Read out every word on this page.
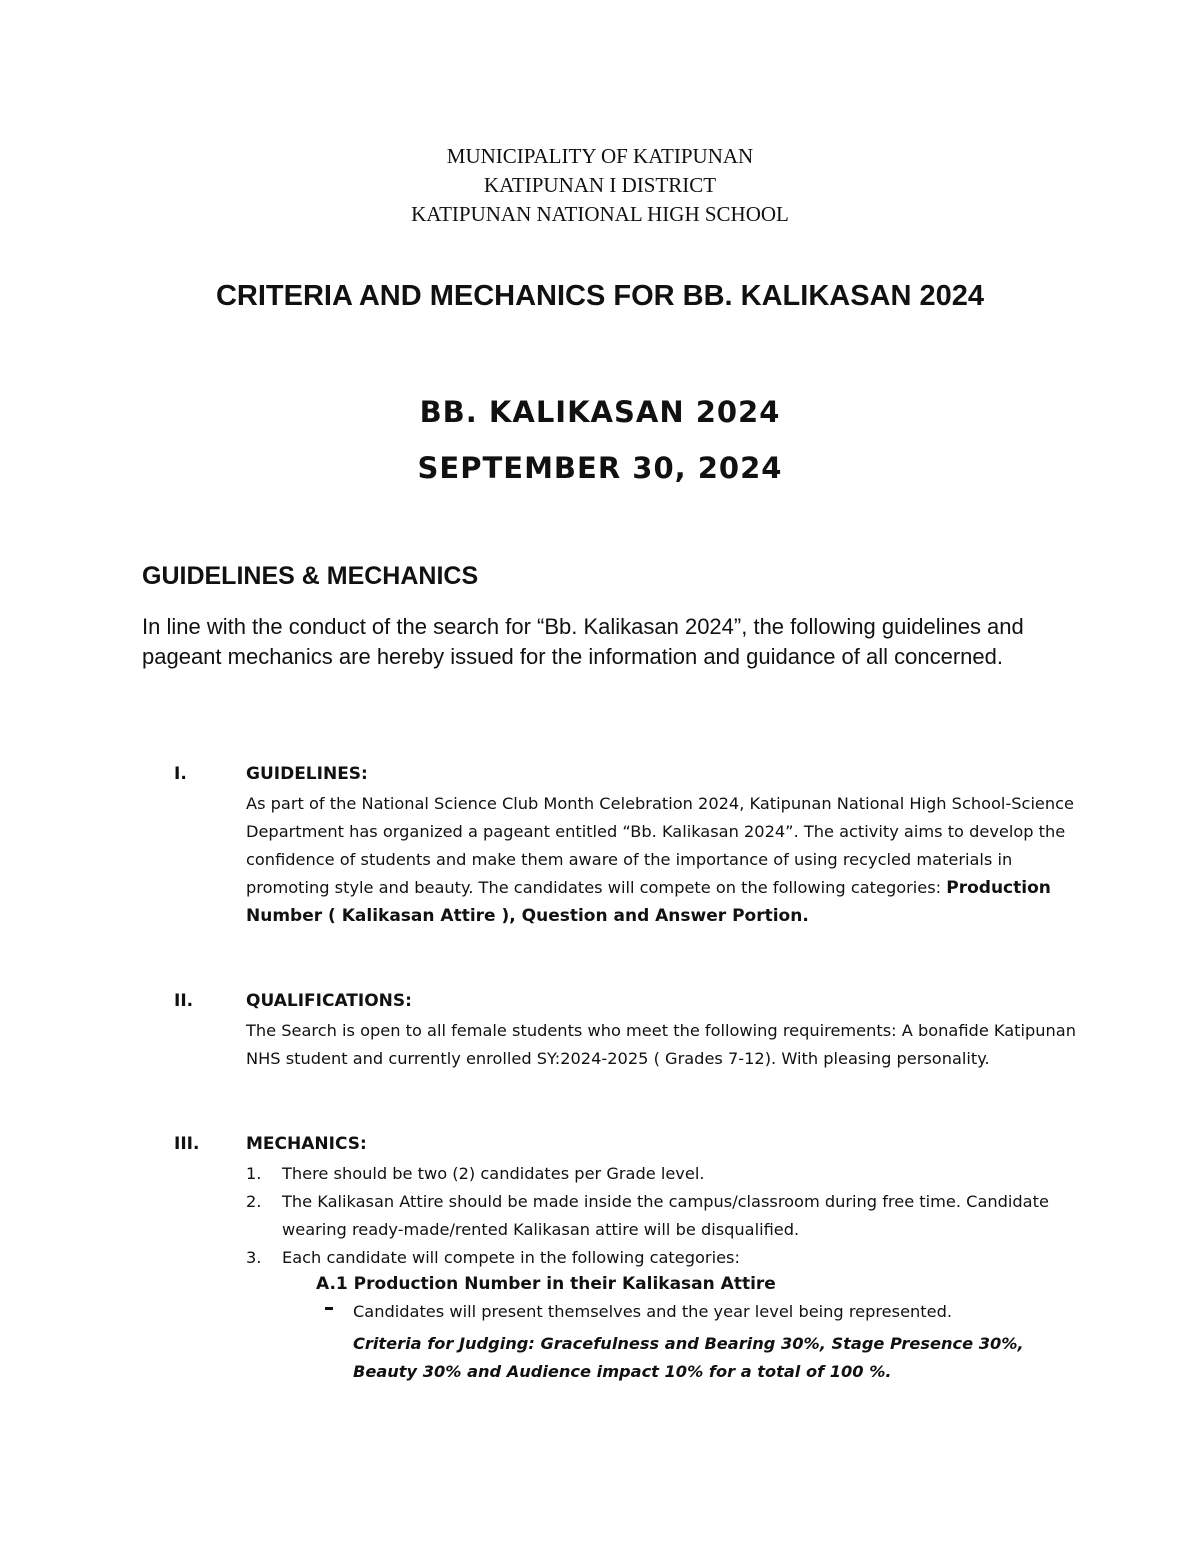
MUNICIPALITY OF KATIPUNAN
KATIPUNAN I DISTRICT
KATIPUNAN NATIONAL HIGH SCHOOL
CRITERIA AND MECHANICS FOR BB. KALIKASAN 2024
BB. KALIKASAN 2024
SEPTEMBER 30, 2024
GUIDELINES & MECHANICS
In line with the conduct of the search for “Bb. Kalikasan 2024”, the following guidelines and pageant mechanics are hereby issued for the information and guidance of all concerned.
I.	GUIDELINES:
As part of the National Science Club Month Celebration 2024, Katipunan National High School-Science Department has organized a pageant entitled “Bb. Kalikasan 2024”. The activity aims to develop the confidence of students and make them aware of the importance of using recycled materials in promoting style and beauty. The candidates will compete on the following categories: Production Number ( Kalikasan Attire ), Question and Answer Portion.
II.	QUALIFICATIONS:
The Search is open to all female students who meet the following requirements: A bonafide Katipunan NHS student and currently enrolled SY:2024-2025 ( Grades 7-12). With pleasing personality.
III.	MECHANICS:
1. There should be two (2) candidates per Grade level.
2. The Kalikasan Attire should be made inside the campus/classroom during free time. Candidate wearing ready-made/rented Kalikasan attire will be disqualified.
3. Each candidate will compete in the following categories:
A.1 Production Number in their Kalikasan Attire
Candidates will present themselves and the year level being represented.
Criteria for Judging: Gracefulness and Bearing 30%, Stage Presence 30%, Beauty 30% and Audience impact 10% for a total of 100 %.
